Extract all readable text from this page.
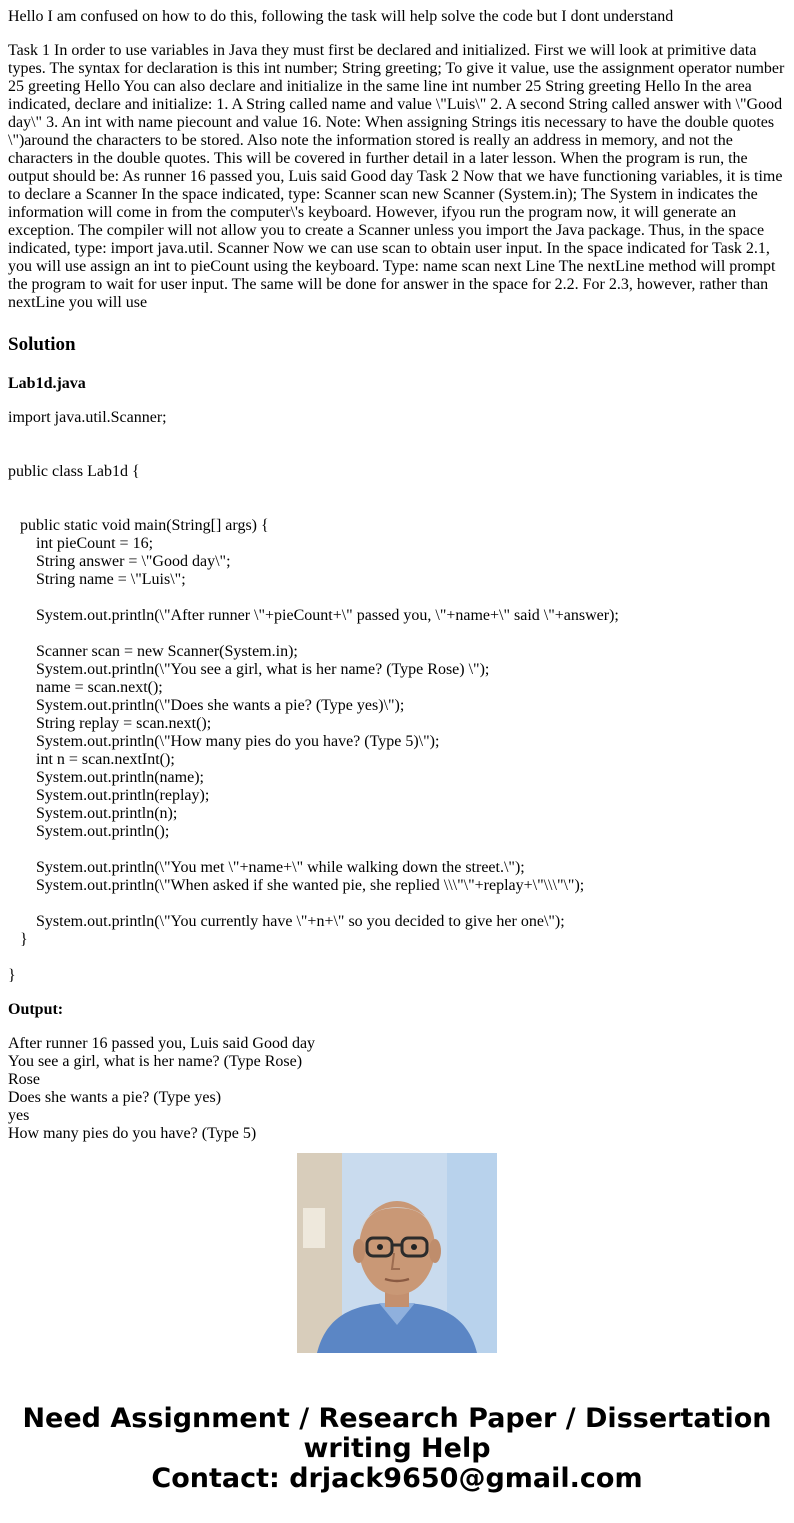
Hello I am confused on how to do this, following the task will help solve the code but I dont understand

Task 1 In order to use variables in Java they must first be declared and initialized. First we will look at primitive data types. The syntax for declaration is this int number; String greeting; To give it value, use the assignment operator number 25 greeting Hello You can also declare and initialize in the same line int number 25 String greeting Hello In the area indicated, declare and initialize: 1. A String called name and value \"Luis\" 2. A second String called answer with \"Good day\" 3. An int with name piecount and value 16. Note: When assigning Strings itis necessary to have the double quotes \")around the characters to be stored. Also note the information stored is really an address in memory, and not the characters in the double quotes. This will be covered in further detail in a later lesson. When the program is run, the output should be: As runner 16 passed you, Luis said Good day Task 2 Now that we have functioning variables, it is time to declare a Scanner In the space indicated, type: Scanner scan new Scanner (System.in); The System in indicates the information will come in from the computer\'s keyboard. However, ifyou run the program now, it will generate an exception. The compiler will not allow you to create a Scanner unless you import the Java package. Thus, in the space indicated, type: import java.util. Scanner Now we can use scan to obtain user input. In the space indicated for Task 2.1, you will use assign an int to pieCount using the keyboard. Type: name scan next Line The nextLine method will prompt the program to wait for user input. The same will be done for answer in the space for 2.2. For 2.3, however, rather than nextLine you will use

Solution
Lab1d.java
import java.util.Scanner;

public class Lab1d {

public static void main(String[] args) {
int pieCount = 16;
String answer = \"Good day\";
String name = \"Luis\";

System.out.println(\"After runner \"+pieCount+\" passed you, \"+name+\" said \"+answer);

Scanner scan = new Scanner(System.in);
System.out.println(\"You see a girl, what is her name? (Type Rose) \");
name = scan.next();
System.out.println(\"Does she wants a pie? (Type yes)\");
String replay = scan.next();
System.out.println(\"How many pies do you have? (Type 5)\");
int n = scan.nextInt();
System.out.println(name);
System.out.println(replay);
System.out.println(n);
System.out.println();

System.out.println(\"You met \"+name+\" while walking down the street.\");
System.out.println(\"When asked if she wanted pie, she replied \\\"\"+replay+\"\\\"\");

System.out.println(\"You currently have \"+n+\" so you decided to give her one\");
}

}
Output:
After runner 16 passed you, Luis said Good day
You see a girl, what is her name? (Type Rose)
Rose
Does she wants a pie? (Type yes)
yes
How many pies do you have? (Type 5)
Need Assignment / Research Paper / Dissertation
writing Help
Contact: drjack9650@gmail.com
